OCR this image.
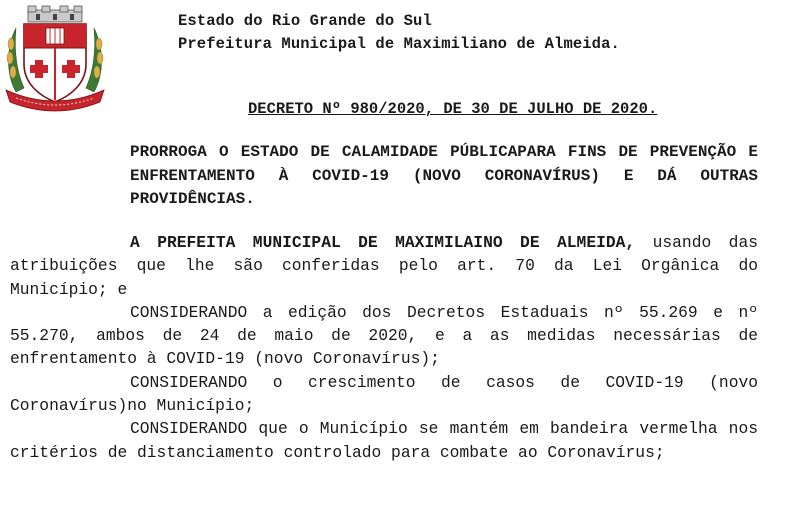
Estado do Rio Grande do Sul
Prefeitura Municipal de Maximiliano de Almeida.
DECRETO Nº 980/2020, DE 30 DE JULHO DE 2020.
PRORROGA O ESTADO DE CALAMIDADE PÚBLICAPARA FINS DE PREVENÇÃO E ENFRENTAMENTO À COVID-19 (NOVO CORONAVÍRUS) E DÁ OUTRAS PROVIDÊNCIAS.

A PREFEITA MUNICIPAL DE MAXIMILAINO DE ALMEIDA, usando das atribuições que lhe são conferidas pelo art. 70 da Lei Orgânica do Município; e

CONSIDERANDO a edição dos Decretos Estaduais nº 55.269 e nº 55.270, ambos de 24 de maio de 2020, e a as medidas necessárias de enfrentamento à COVID-19 (novo Coronavírus);

CONSIDERANDO o crescimento de casos de COVID-19 (novo Coronavírus)no Município;

CONSIDERANDO que o Município se mantém em bandeira vermelha nos critérios de distanciamento controlado para combate ao Coronavírus;
